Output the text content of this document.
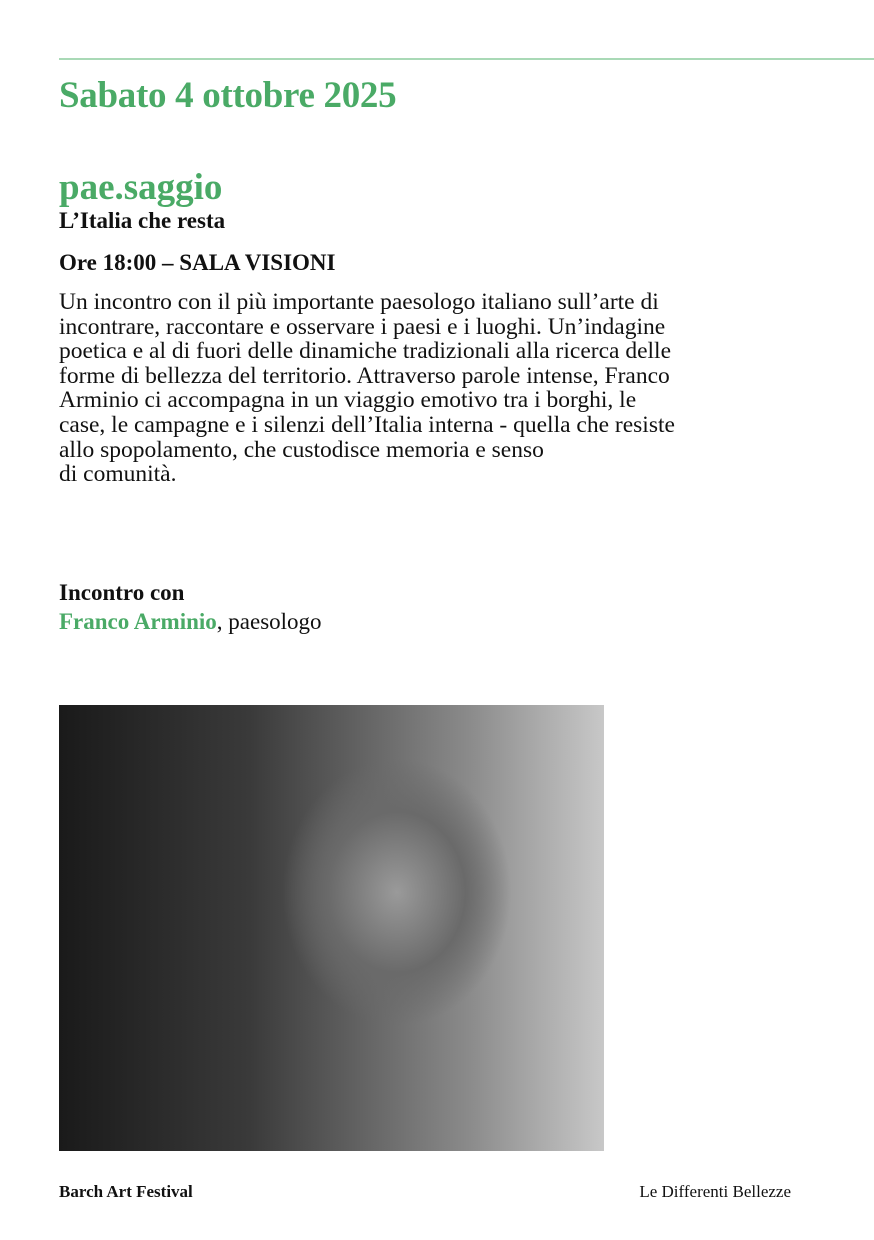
Sabato 4 ottobre 2025
pae.saggio
L’Italia che resta
Ore 18:00 – SALA VISIONI

Un incontro con il più importante paesologo italiano sull’arte di
incontrare, raccontare e osservare i paesi e i luoghi. Un’indagine
poetica e al di fuori delle dinamiche tradizionali alla ricerca delle
forme di bellezza del territorio. Attraverso parole intense, Franco
Arminio ci accompagna in un viaggio emotivo tra i borghi, le
case, le campagne e i silenzi dell’Italia interna - quella che resiste
allo spopolamento, che custodisce memoria e senso
di comunità.

Incontro con
Franco Arminio, paesologo
Barch Art Festival	Le Differenti Bellezze
